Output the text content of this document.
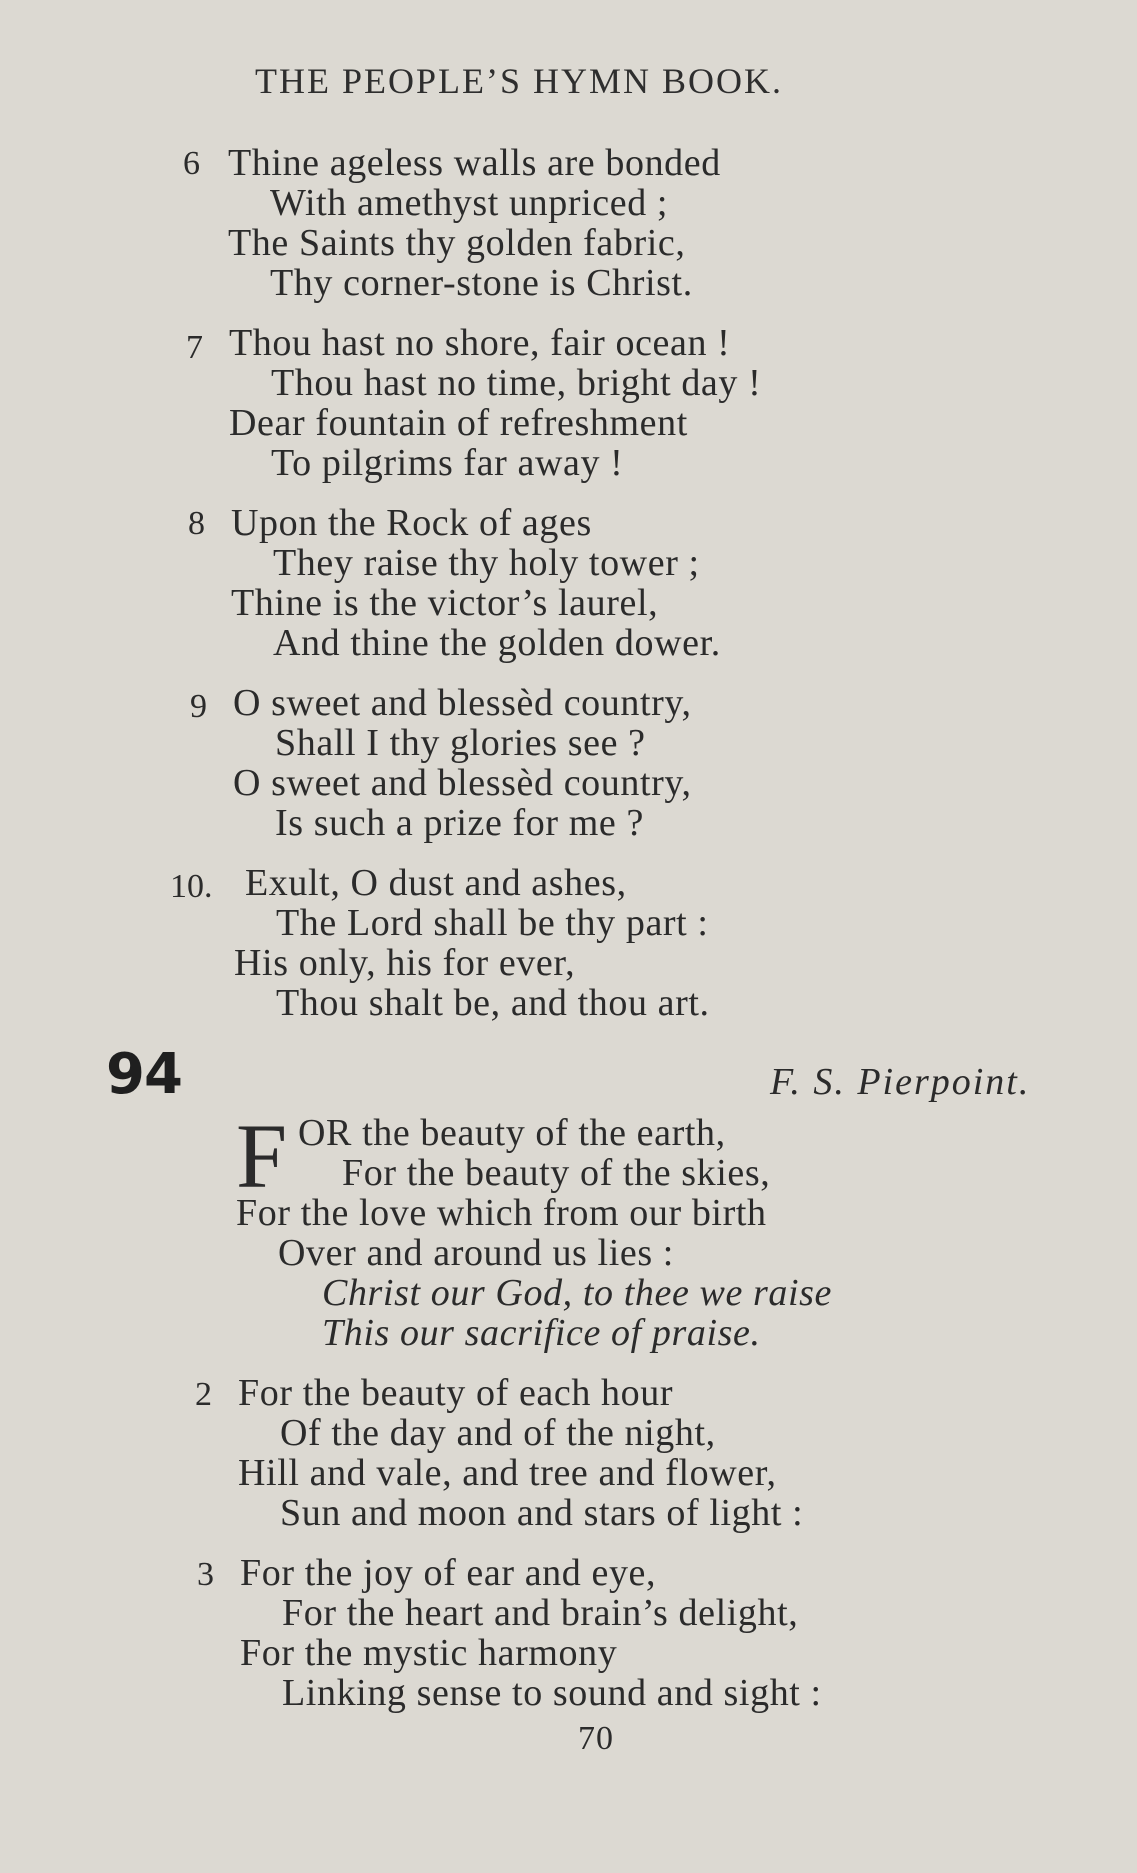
THE PEOPLE’S HYMN BOOK.
6 Thine ageless walls are bonded
With amethyst unpriced ;
The Saints thy golden fabric,
Thy corner-stone is Christ.
7 Thou hast no shore, fair ocean !
Thou hast no time, bright day !
Dear fountain of refreshment
To pilgrims far away !
8 Upon the Rock of ages
They raise thy holy tower ;
Thine is the victor’s laurel,
And thine the golden dower.
9 O sweet and blessèd country,
Shall I thy glories see ?
O sweet and blessèd country,
Is such a prize for me ?
10. Exult, O dust and ashes,
The Lord shall be thy part :
His only, his for ever,
Thou shalt be, and thou art.
94	F. S. Pierpoint.
F OR the beauty of the earth,
For the beauty of the skies,
For the love which from our birth
Over and around us lies :
Christ our God, to thee we raise
This our sacrifice of praise.
2 For the beauty of each hour
Of the day and of the night,
Hill and vale, and tree and flower,
Sun and moon and stars of light :
3 For the joy of ear and eye,
For the heart and brain’s delight,
For the mystic harmony
Linking sense to sound and sight :
70
